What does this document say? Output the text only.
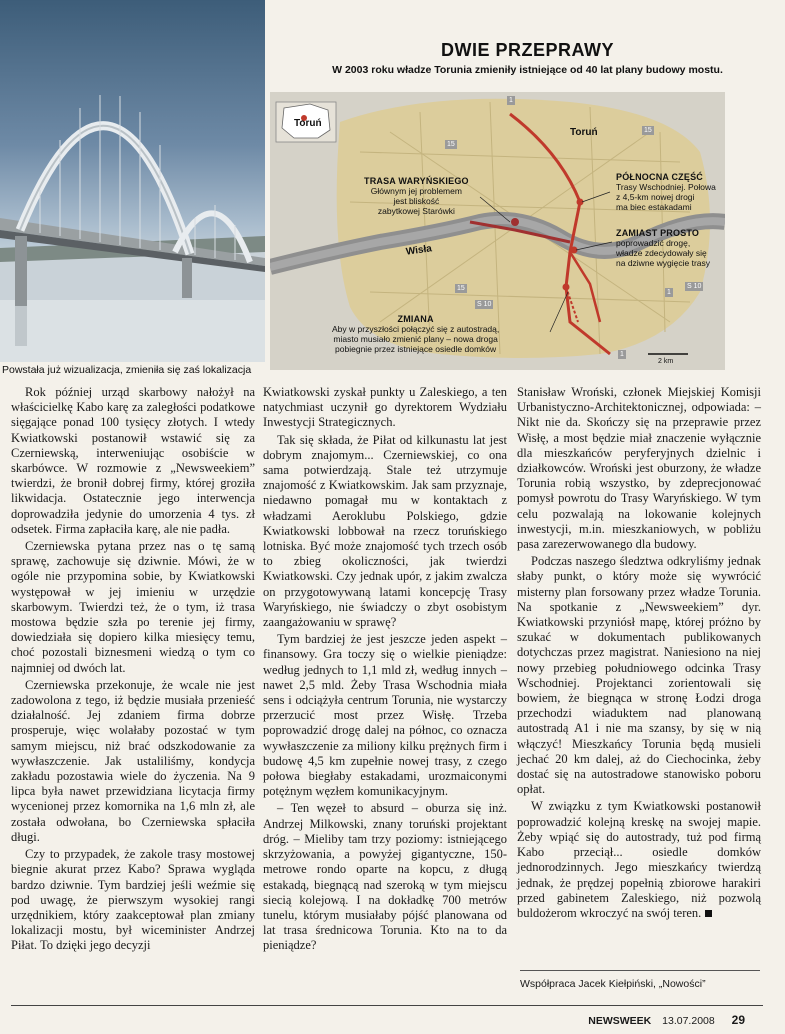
Powstała już wizualizacja, zmieniła się zaś lokalizacja
DWIE PRZEPRAWY
W 2003 roku władze Torunia zmieniły istniejące od 40 lat plany budowy mostu.
Toruń
Toruń
Wisła
2 km
1
15
15
15
1
S 10
S 10
1
TRASA WARYŃSKIEGO
Głównym jej problemem
jest bliskość
zabytkowej Starówki
PÓŁNOCNA CZĘŚĆ
Trasy Wschodniej. Połowa
z 4,5-km nowej drogi
ma biec estakadami
ZAMIAST PROSTO
poprowadzić drogę,
władze zdecydowały się
na dziwne wygięcie trasy
ZMIANA
Aby w przyszłości połączyć się z autostradą,
miasto musiało zmienić plany – nowa droga
pobiegnie przez istniejące osiedle domków

Rok później urząd skarbowy nałożył na właścicielkę Kabo karę za zaległości podatkowe sięgające ponad 100 tysięcy złotych. I wtedy Kwiatkowski postanowił wstawić się za Czerniewską, interweniując osobiście w skarbówce. W rozmowie z „Newsweekiem” twierdzi, że bronił dobrej firmy, której groziła likwidacja. Ostatecznie jego interwencja doprowadziła jedynie do umorzenia 4 tys. zł odsetek. Firma zapłaciła karę, ale nie padła.

Czerniewska pytana przez nas o tę samą sprawę, zachowuje się dziwnie. Mówi, że w ogóle nie przypomina sobie, by Kwiatkowski występował w jej imieniu w urzędzie skarbowym. Twierdzi też, że o tym, iż trasa mostowa będzie szła po terenie jej firmy, dowiedziała się dopiero kilka miesięcy temu, choć pozostali biznesmeni wiedzą o tym co najmniej od dwóch lat.

Czerniewska przekonuje, że wcale nie jest zadowolona z tego, iż będzie musiała przenieść działalność. Jej zdaniem firma dobrze prosperuje, więc wolałaby pozostać w tym samym miejscu, niż brać odszkodowanie za wywłaszczenie. Jak ustaliliśmy, kondycja zakładu pozostawia wiele do życzenia. Na 9 lipca była nawet przewidziana licytacja firmy wycenionej przez komornika na 1,6 mln zł, ale została odwołana, bo Czerniewska spłaciła długi.

Czy to przypadek, że zakole trasy mostowej biegnie akurat przez Kabo? Sprawa wygląda bardzo dziwnie. Tym bardziej jeśli weźmie się pod uwagę, że pierwszym wysokiej rangi urzędnikiem, który zaakceptował plan zmiany lokalizacji mostu, był wiceminister Andrzej Piłat. To dzięki jego decyzji

Kwiatkowski zyskał punkty u Zaleskiego, a ten natychmiast uczynił go dyrektorem Wydziału Inwestycji Strategicznych.

Tak się składa, że Piłat od kilkunastu lat jest dobrym znajomym... Czerniewskiej, co ona sama potwierdzają. Stale też utrzymuje znajomość z Kwiatkowskim. Jak sam przyznaje, niedawno pomagał mu w kontaktach z władzami Aeroklubu Polskiego, gdzie Kwiatkowski lobbował na rzecz toruńskiego lotniska. Być może znajomość tych trzech osób to zbieg okoliczności, jak twierdzi Kwiatkowski. Czy jednak upór, z jakim zwalcza on przygotowywaną latami koncepcję Trasy Waryńskiego, nie świadczy o zbyt osobistym zaangażowaniu w sprawę?

Tym bardziej że jest jeszcze jeden aspekt – finansowy. Gra toczy się o wielkie pieniądze: według jednych to 1,1 mld zł, według innych – nawet 2,5 mld. Żeby Trasa Wschodnia miała sens i odciążyła centrum Torunia, nie wystarczy przerzucić most przez Wisłę. Trzeba poprowadzić drogę dalej na północ, co oznacza wywłaszczenie za miliony kilku prężnych firm i budowę 4,5 km zupełnie nowej trasy, z czego połowa biegłaby estakadami, urozmaiconymi potężnym węzłem komunikacyjnym.

– Ten węzeł to absurd – oburza się inż. Andrzej Milkowski, znany toruński projektant dróg. – Mieliby tam trzy poziomy: istniejącego skrzyżowania, a powyżej gigantyczne, 150-metrowe rondo oparte na kopcu, z długą estakadą, biegnącą nad szeroką w tym miejscu siecią kolejową. I na dokładkę 700 metrów tunelu, którym musiałaby pójść planowana od lat trasa średnicowa Torunia. Kto na to da pieniądze?

Stanisław Wroński, członek Miejskiej Komisji Urbanistyczno-Architektonicznej, odpowiada: – Nikt nie da. Skończy się na przeprawie przez Wisłę, a most będzie miał znaczenie wyłącznie dla mieszkańców peryferyjnych dzielnic i działkowców. Wroński jest oburzony, że władze Torunia robią wszystko, by zdeprecjonować pomysł powrotu do Trasy Waryńskiego. W tym celu pozwalają na lokowanie kolejnych inwestycji, m.in. mieszkaniowych, w pobliżu pasa zarezerwowanego dla budowy.

Podczas naszego śledztwa odkryliśmy jednak słaby punkt, o który może się wywrócić misterny plan forsowany przez władze Torunia. Na spotkanie z „Newsweekiem” dyr. Kwiatkowski przyniósł mapę, której próżno by szukać w dokumentach publikowanych dotychczas przez magistrat. Naniesiono na niej nowy przebieg południowego odcinka Trasy Wschodniej. Projektanci zorientowali się bowiem, że biegnąca w stronę Łodzi droga przechodzi wiaduktem nad planowaną autostradą A1 i nie ma szansy, by się w nią włączyć! Mieszkańcy Torunia będą musieli jechać 20 km dalej, aż do Ciechocinka, żeby dostać się na autostradowe stanowisko poboru opłat.

W związku z tym Kwiatkowski postanowił poprowadzić kolejną kreskę na swojej mapie. Żeby wpiąć się do autostrady, tuż pod firmą Kabo przeciął... osiedle domków jednorodzinnych. Jego mieszkańcy twierdzą jednak, że prędzej popełnią zbiorowe harakiri przed gabinetem Zaleskiego, niż pozwolą buldożerom wkroczyć na swój teren.

Współpraca Jacek Kiełpiński, „Nowości”
NEWSWEEK 13.07.2008 29
